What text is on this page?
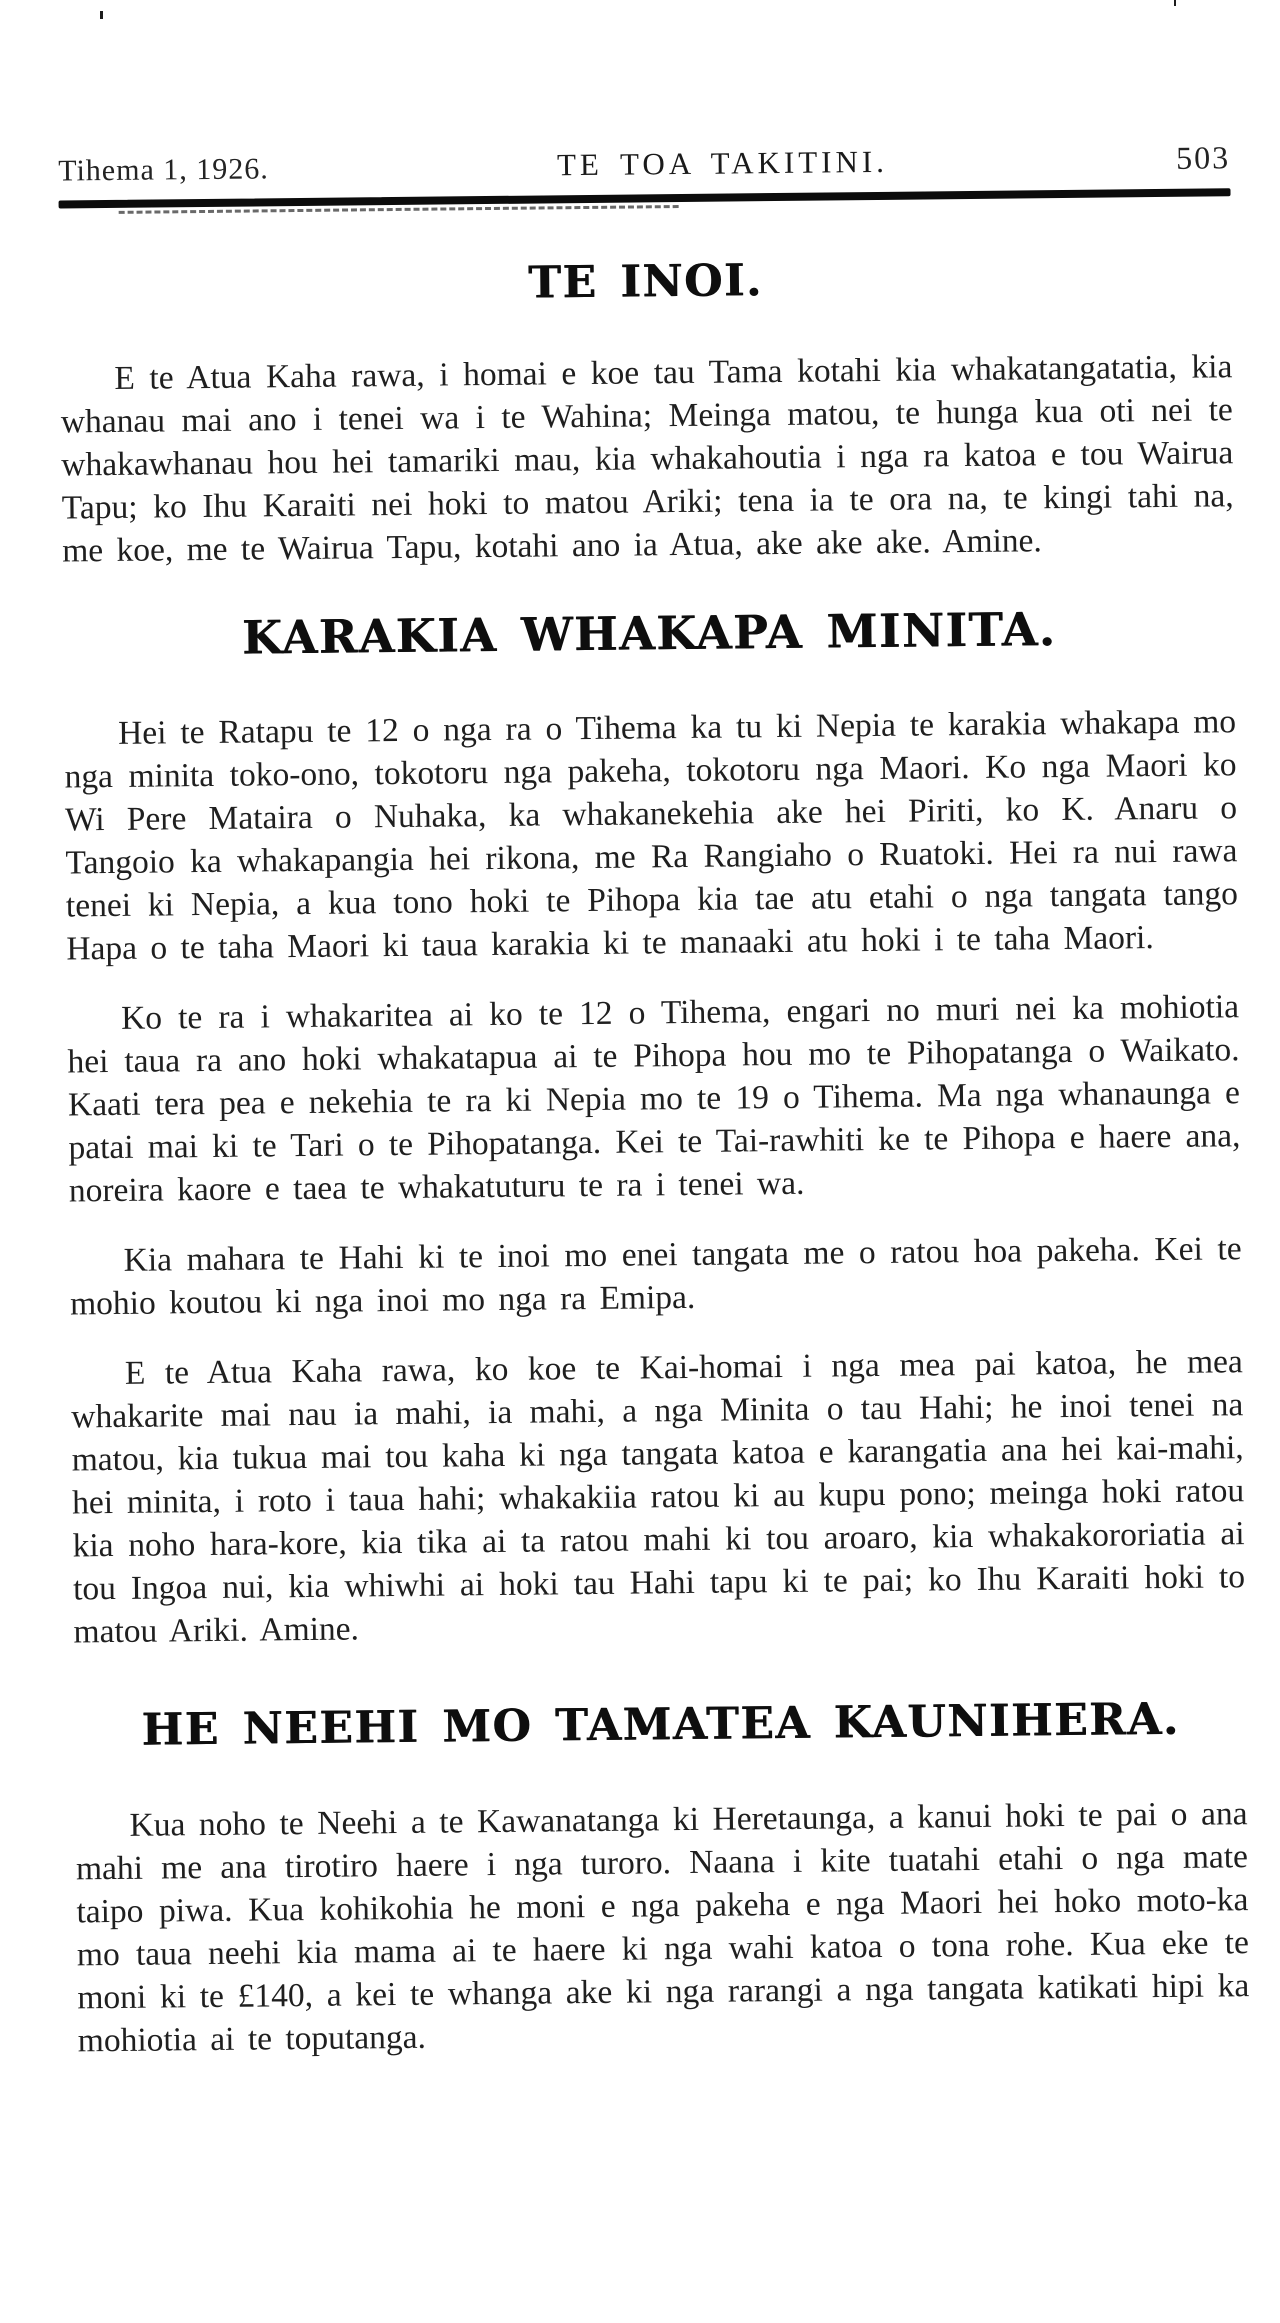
Tihema 1, 1926.	TE TOA TAKITINI.	503
TE INOI.

E te Atua Kaha rawa, i homai e koe tau Tama kotahi kia whakatangatatia, kia whanau mai ano i tenei wa i te Wahina; Meinga matou, te hunga kua oti nei te whakawhanau hou hei tamariki mau, kia whakahoutia i nga ra katoa e tou Wairua Tapu; ko Ihu Karaiti nei hoki to matou Ariki; tena ia te ora na, te kingi tahi na, me koe, me te Wairua Tapu, kotahi ano ia Atua, ake ake ake. Amine.

KARAKIA WHAKAPA MINITA.

Hei te Ratapu te 12 o nga ra o Tihema ka tu ki Nepia te karakia whakapa mo nga minita toko-ono, tokotoru nga pakeha, tokotoru nga Maori. Ko nga Maori ko Wi Pere Mataira o Nuhaka, ka whakanekehia ake hei Piriti, ko K. Anaru o Tangoio ka whakapangia hei rikona, me Ra Rangiaho o Ruatoki. Hei ra nui rawa tenei ki Nepia, a kua tono hoki te Pihopa kia tae atu etahi o nga tangata tango Hapa o te taha Maori ki taua karakia ki te manaaki atu hoki i te taha Maori.

Ko te ra i whakaritea ai ko te 12 o Tihema, engari no muri nei ka mohiotia hei taua ra ano hoki whakatapua ai te Pihopa hou mo te Pihopatanga o Waikato. Kaati tera pea e nekehia te ra ki Nepia mo te 19 o Tihema. Ma nga whanaunga e patai mai ki te Tari o te Pihopatanga. Kei te Tai-rawhiti ke te Pihopa e haere ana, noreira kaore e taea te whakatuturu te ra i tenei wa.

Kia mahara te Hahi ki te inoi mo enei tangata me o ratou hoa pakeha. Kei te mohio koutou ki nga inoi mo nga ra Emipa.

E te Atua Kaha rawa, ko koe te Kai-homai i nga mea pai katoa, he mea whakarite mai nau ia mahi, ia mahi, a nga Minita o tau Hahi; he inoi tenei na matou, kia tukua mai tou kaha ki nga tangata katoa e karangatia ana hei kai-mahi, hei minita, i roto i taua hahi; whakakiia ratou ki au kupu pono; meinga hoki ratou kia noho hara-kore, kia tika ai ta ratou mahi ki tou aroaro, kia whakakororiatia ai tou Ingoa nui, kia whiwhi ai hoki tau Hahi tapu ki te pai; ko Ihu Karaiti hoki to matou Ariki. Amine.

HE NEEHI MO TAMATEA KAUNIHERA.

Kua noho te Neehi a te Kawanatanga ki Heretaunga, a kanui hoki te pai o ana mahi me ana tirotiro haere i nga turoro. Naana i kite tuatahi etahi o nga mate taipo piwa. Kua kohikohia he moni e nga pakeha e nga Maori hei hoko moto-ka mo taua neehi kia mama ai te haere ki nga wahi katoa o tona rohe. Kua eke te moni ki te £140, a kei te whanga ake ki nga rarangi a nga tangata katikati hipi ka mohiotia ai te toputanga.
